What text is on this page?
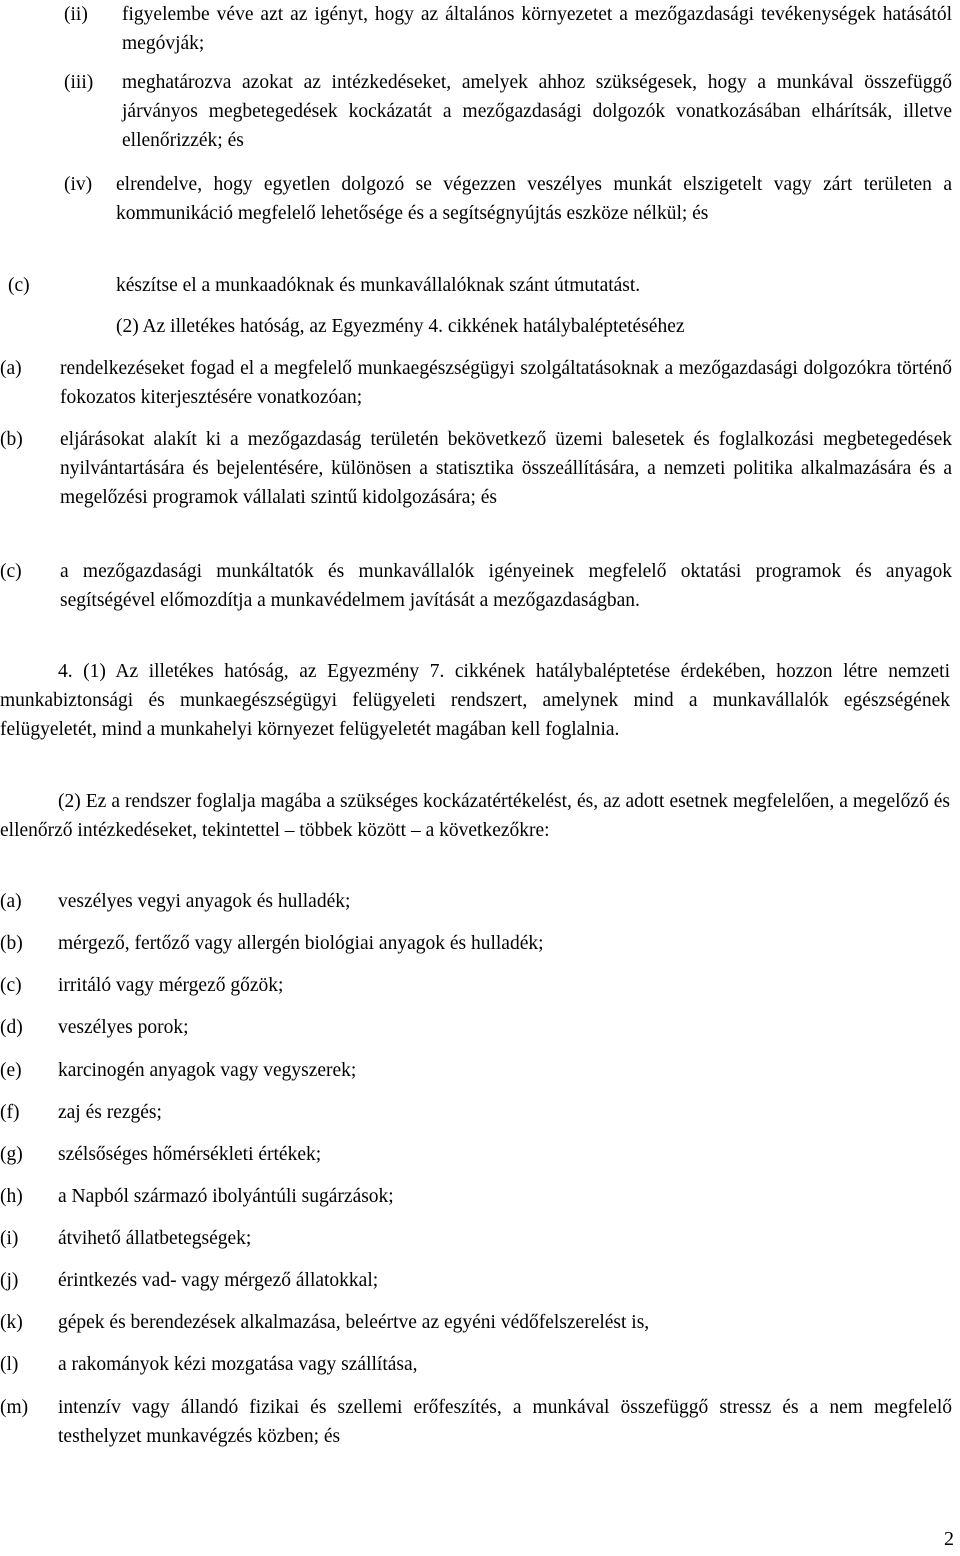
(ii) figyelembe véve azt az igényt, hogy az általános környezetet a mezőgazdasági tevékenységek hatásától megóvják;
(iii) meghatározva azokat az intézkedéseket, amelyek ahhoz szükségesek, hogy a munkával összefüggő járványos megbetegedések kockázatát a mezőgazdasági dolgozók vonatkozásában elhárítsák, illetve ellenőrizzék; és
(iv) elrendelve, hogy egyetlen dolgozó se végezzen veszélyes munkát elszigetelt vagy zárt területen a kommunikáció megfelelő lehetősége és a segítségnyújtás eszköze nélkül; és
(c)	készítse el a munkaadóknak és munkavállalóknak szánt útmutatást.
(2) Az illetékes hatóság, az Egyezmény 4. cikkének hatálybaléptetéséhez
(a) rendelkezéseket fogad el a megfelelő munkaegészségügyi szolgáltatásoknak a mezőgazdasági dolgozókra történő fokozatos kiterjesztésére vonatkozóan;
(b) eljárásokat alakít ki a mezőgazdaság területén bekövetkező üzemi balesetek és foglalkozási megbetegedések nyilvántartására és bejelentésére, különösen a statisztika összeállítására, a nemzeti politika alkalmazására és a megelőzési programok vállalati szintű kidolgozására; és
(c) a mezőgazdasági munkáltatók és munkavállalók igényeinek megfelelő oktatási programok és anyagok segítségével előmozdítja a munkavédelmem javítását a mezőgazdaságban.
4. (1) Az illetékes hatóság, az Egyezmény 7. cikkének hatálybaléptetése érdekében, hozzon létre nemzeti munkabiztonsági és munkaegészségügyi felügyeleti rendszert, amelynek mind a munkavállalók egészségének felügyeletét, mind a munkahelyi környezet felügyeletét magában kell foglalnia.
(2) Ez a rendszer foglalja magába a szükséges kockázatértékelést, és, az adott esetnek megfelelően, a megelőző és ellenőrző intézkedéseket, tekintettel – többek között – a következőkre:
(a) veszélyes vegyi anyagok és hulladék;
(b) mérgező, fertőző vagy allergén biológiai anyagok és hulladék;
(c) irritáló vagy mérgező gőzök;
(d) veszélyes porok;
(e) karcinogén anyagok vagy vegyszerek;
(f) zaj és rezgés;
(g) szélsőséges hőmérsékleti értékek;
(h) a Napból származó ibolyántúli sugárzások;
(i) átvihető állatbetegségek;
(j) érintkezés vad- vagy mérgező állatokkal;
(k) gépek és berendezések alkalmazása, beleértve az egyéni védőfelszerelést is,
(l) a rakományok kézi mozgatása vagy szállítása,
(m) intenzív vagy állandó fizikai és szellemi erőfeszítés, a munkával összefüggő stressz és a nem megfelelő testhelyzet munkavégzés közben; és
2
